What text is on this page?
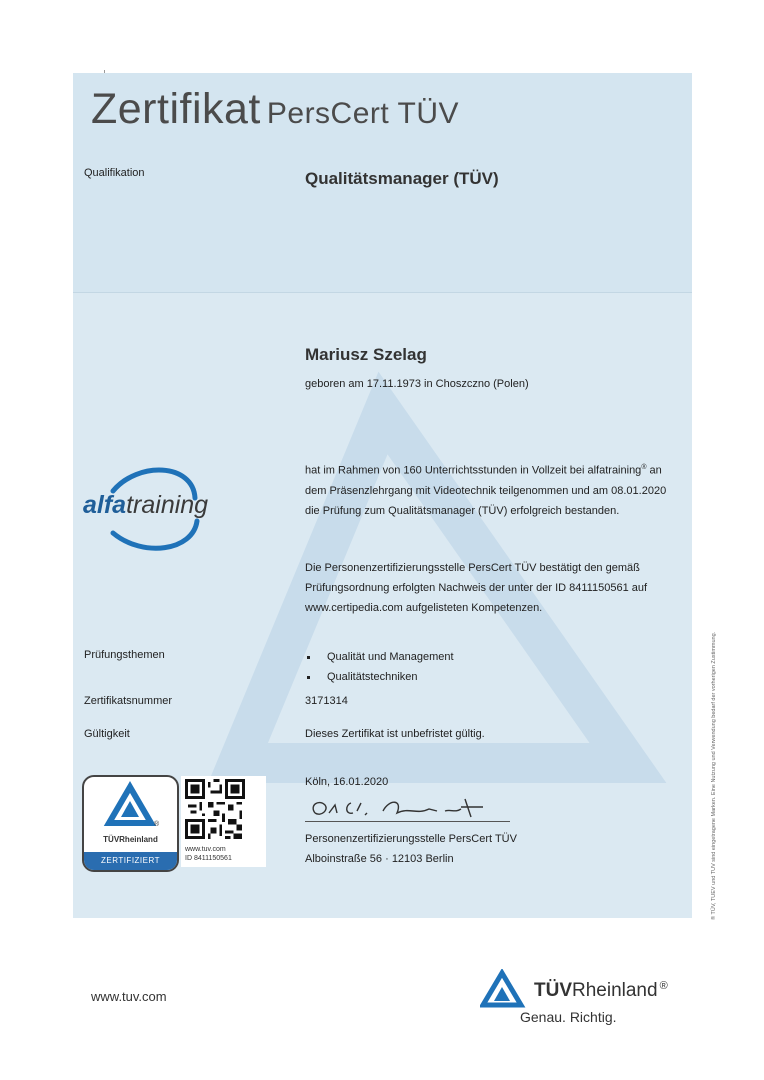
Zertifikat PersCert TÜV
Qualifikation	Qualitätsmanager (TÜV)
Mariusz Szelag
geboren am 17.11.1973 in Choszczno (Polen)
alfatraining

hat im Rahmen von 160 Unterrichtsstunden in Vollzeit bei alfatraining® an dem Präsenzlehrgang mit Videotechnik teilgenommen und am 08.01.2020 die Prüfung zum Qualitätsmanager (TÜV) erfolgreich bestanden.

Die Personenzertifizierungsstelle PersCert TÜV bestätigt den gemäß Prüfungsordnung erfolgten Nachweis der unter der ID 8411150561 auf www.certipedia.com aufgelisteten Kompetenzen.

Prüfungsthemen	Qualität und Management
Qualitätstechniken
Zertifikatsnummer	3171314
Gültigkeit	Dieses Zertifikat ist unbefristet gültig.
Köln, 16.01.2020
Personenzertifizierungsstelle PersCert TÜV
Alboinstraße 56 · 12103 Berlin
®
TÜVRheinland
ZERTIFIZIERT
www.tuv.com
ID 8411150561	® TÜV, TUEV und TUV sind eingetragene Marken. Eine Nutzung und Verwendung bedarf der vorherigen Zustimmung.
www.tuv.com	TÜVRheinland ®
Genau. Richtig.
